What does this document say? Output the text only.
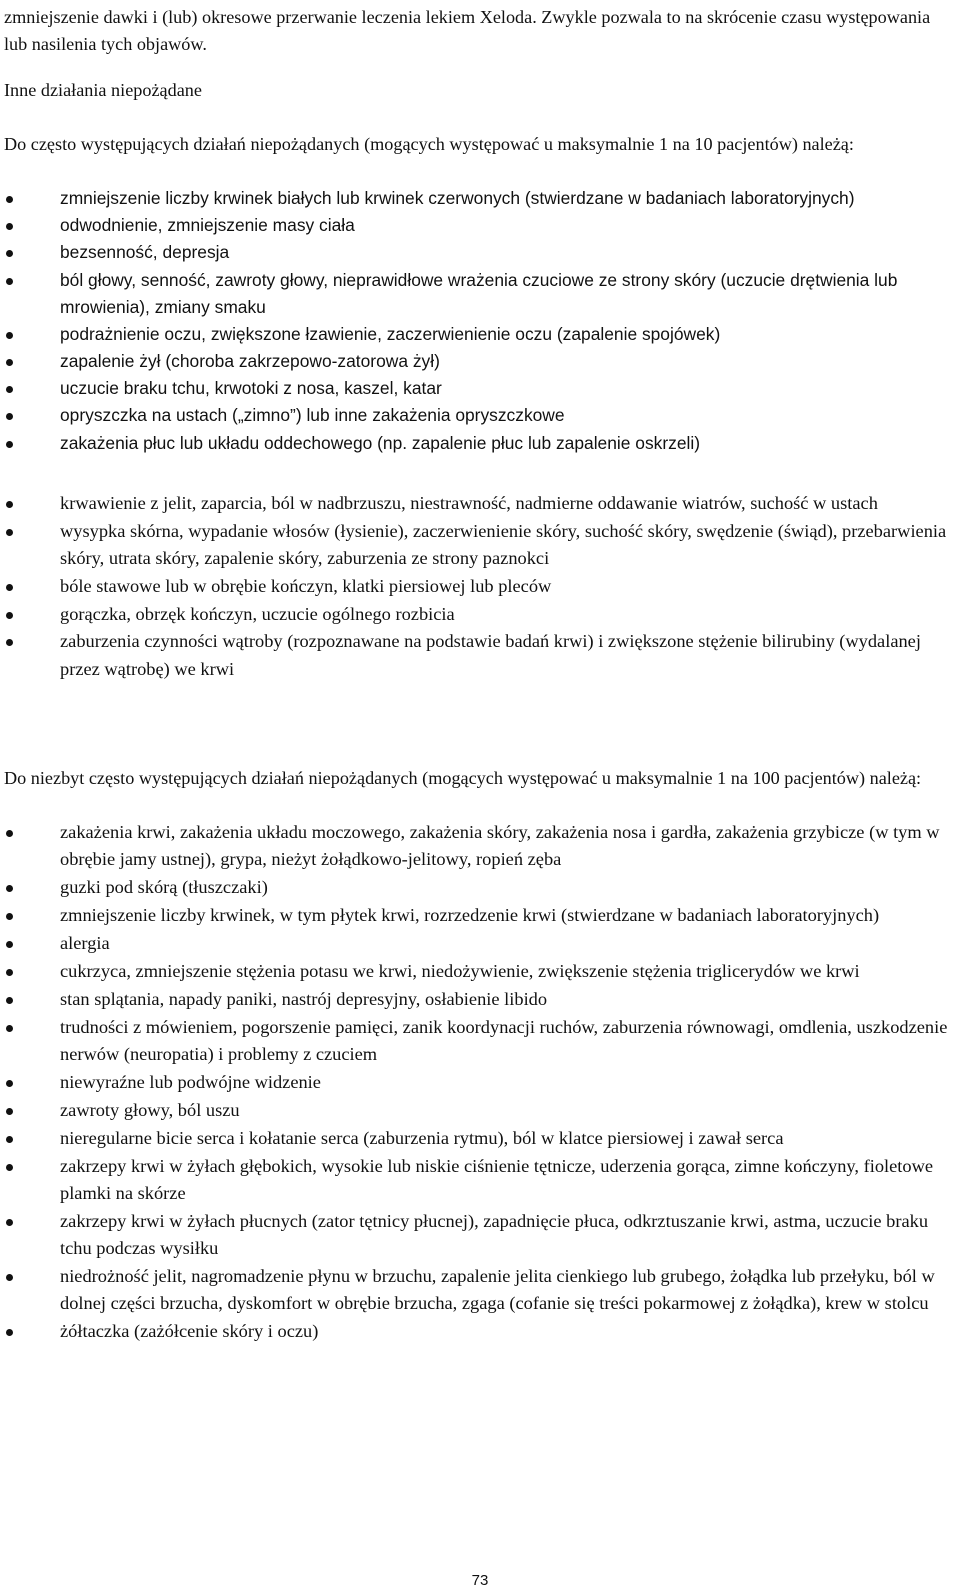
zmniejszenie dawki i (lub) okresowe przerwanie leczenia lekiem Xeloda. Zwykle pozwala to na skrócenie czasu występowania lub nasilenia tych objawów.

Inne działania niepożądane

Do często występujących działań niepożądanych (mogących występować u maksymalnie 1 na 10 pacjentów) należą:

zmniejszenie liczby krwinek białych lub krwinek czerwonych (stwierdzane w badaniach laboratoryjnych)
odwodnienie, zmniejszenie masy ciała
bezsenność, depresja
ból głowy, senność, zawroty głowy, nieprawidłowe wrażenia czuciowe ze strony skóry (uczucie drętwienia lub mrowienia), zmiany smaku
podrażnienie oczu, zwiększone łzawienie, zaczerwienienie oczu (zapalenie spojówek)
zapalenie żył (choroba zakrzepowo-zatorowa żył)
uczucie braku tchu, krwotoki z nosa, kaszel, katar
opryszczka na ustach („zimno”) lub inne zakażenia opryszczkowe
zakażenia płuc lub układu oddechowego (np. zapalenie płuc lub zapalenie oskrzeli)
krwawienie z jelit, zaparcia, ból w nadbrzuszu, niestrawność, nadmierne oddawanie wiatrów, suchość w ustach
wysypka skórna, wypadanie włosów (łysienie), zaczerwienienie skóry, suchość skóry, swędzenie (świąd), przebarwienia skóry, utrata skóry, zapalenie skóry, zaburzenia ze strony paznokci
bóle stawowe lub w obrębie kończyn, klatki piersiowej lub pleców
gorączka, obrzęk kończyn, uczucie ogólnego rozbicia
zaburzenia czynności wątroby (rozpoznawane na podstawie badań krwi) i zwiększone stężenie bilirubiny (wydalanej przez wątrobę) we krwi

Do niezbyt często występujących działań niepożądanych (mogących występować u maksymalnie 1 na 100 pacjentów) należą:

zakażenia krwi, zakażenia układu moczowego, zakażenia skóry, zakażenia nosa i gardła, zakażenia grzybicze (w tym w obrębie jamy ustnej), grypa, nieżyt żołądkowo-jelitowy, ropień zęba
guzki pod skórą (tłuszczaki)
zmniejszenie liczby krwinek, w tym płytek krwi, rozrzedzenie krwi (stwierdzane w badaniach laboratoryjnych)
alergia
cukrzyca, zmniejszenie stężenia potasu we krwi, niedożywienie, zwiększenie stężenia triglicerydów we krwi
stan splątania, napady paniki, nastrój depresyjny, osłabienie libido
trudności z mówieniem, pogorszenie pamięci, zanik koordynacji ruchów, zaburzenia równowagi, omdlenia, uszkodzenie nerwów (neuropatia) i problemy z czuciem
niewyraźne lub podwójne widzenie
zawroty głowy, ból uszu
nieregularne bicie serca i kołatanie serca (zaburzenia rytmu), ból w klatce piersiowej i zawał serca
zakrzepy krwi w żyłach głębokich, wysokie lub niskie ciśnienie tętnicze, uderzenia gorąca, zimne kończyny, fioletowe plamki na skórze
zakrzepy krwi w żyłach płucnych (zator tętnicy płucnej), zapadnięcie płuca, odkrztuszanie krwi, astma, uczucie braku tchu podczas wysiłku
niedrożność jelit, nagromadzenie płynu w brzuchu, zapalenie jelita cienkiego lub grubego, żołądka lub przełyku, ból w dolnej części brzucha, dyskomfort w obrębie brzucha, zgaga (cofanie się treści pokarmowej z żołądka), krew w stolcu
żółtaczka (zażółcenie skóry i oczu)
73
